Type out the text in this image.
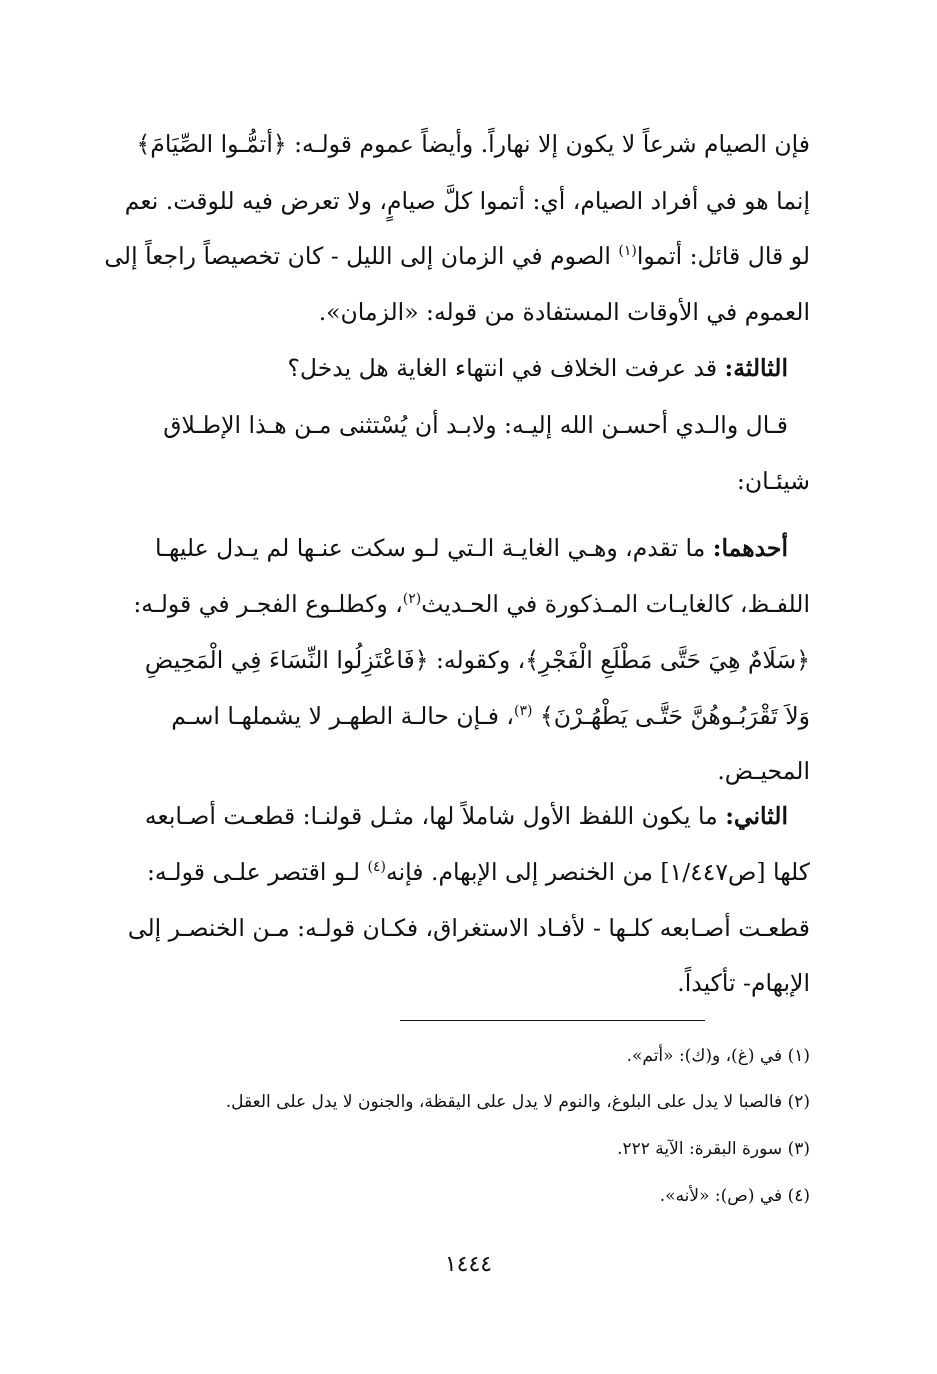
فإن الصيام شرعاً لا يكون إلا نهاراً. وأيضاً عموم قولـه: ﴿أتمُّـوا الصِّيَامَ﴾
إنما هو في أفراد الصيام، أي: أتموا كلَّ صيامٍ، ولا تعرض فيه للوقت. نعم
لو قال قائل: أتموا$^{(١)}$ الصوم في الزمان إلى الليل - كان تخصيصاً راجعاً إلى
العموم في الأوقات المستفادة من قوله: «الزمان».
الثالثة: قد عرفت الخلاف في انتهاء الغاية هل يدخل؟
قـال والـدي أحسـن الله إليـه: ولابـد أن يُسْتثنى مـن هـذا الإطـلاق
شيئـان:
أحدهما: ما تقدم، وهـي الغايـة الـتي لـو سكت عنـها لم يـدل عليهـا
اللفـظ، كالغايـات المـذكورة في الحـديث$^{(٢)}$، وكطلـوع الفجـر في قولـه:
﴿سَلَامٌ هِيَ حَتَّى مَطْلَعِ الْفَجْرِ﴾، وكقوله: ﴿فَاعْتَزِلُوا النِّسَاءَ فِي الْمَحِيضِ
وَلاَ تَقْرَبُـوهُنَّ حَتَّـى يَطْهُـرْنَ﴾ $^{(٣)}$، فـإن حالـة الطهـر لا يشملهـا اسـم
المحيـض.
الثاني: ما يكون اللفظ الأول شاملاً لها، مثـل قولنـا: قطعـت أصـابعه
كلها [ص١/٤٤٧] من الخنصر إلى الإبهام. فإنه$^{(٤)}$ لـو اقتصر علـى قولـه:
قطعـت أصـابعه كلـها - لأفـاد الاستغراق، فكـان قولـه: مـن الخنصـر إلى
الإبهام- تأكيداً.
(١) في (غ)، و(ك): «أتم».
(٢) فالصبا لا يدل على البلوغ، والنوم لا يدل على اليقظة، والجنون لا يدل على العقل.
(٣) سورة البقرة: الآية ٢٢٢.
(٤) في (ص): «لأنه».
١٤٤٤
